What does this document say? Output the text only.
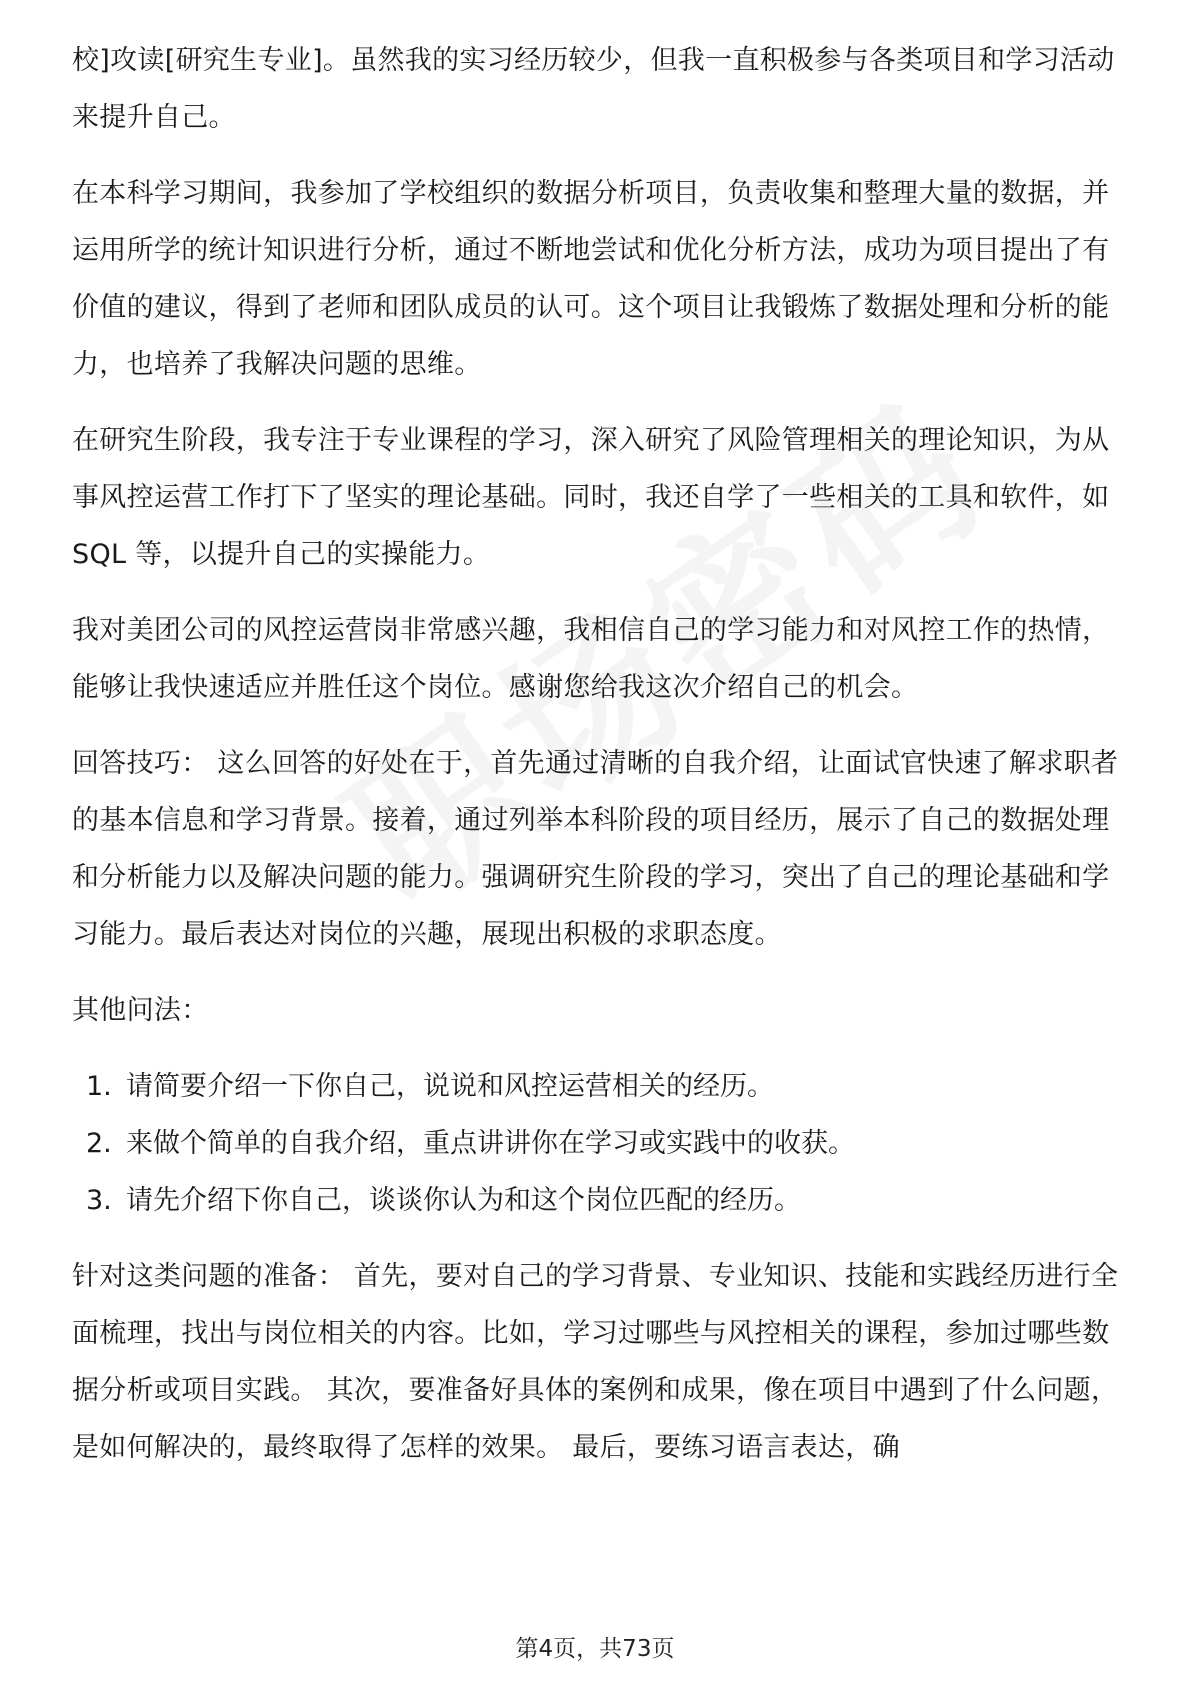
校]攻读[研究生专业]。虽然我的实习经历较少，但我一直积极参与各类项目和学习活动来提升自己。

在本科学习期间，我参加了学校组织的数据分析项目，负责收集和整理大量的数据，并运用所学的统计知识进行分析，通过不断地尝试和优化分析方法，成功为项目提出了有价值的建议，得到了老师和团队成员的认可。这个项目让我锻炼了数据处理和分析的能力，也培养了我解决问题的思维。

在研究生阶段，我专注于专业课程的学习，深入研究了风险管理相关的理论知识，为从事风控运营工作打下了坚实的理论基础。同时，我还自学了一些相关的工具和软件，如 SQL 等，以提升自己的实操能力。

我对美团公司的风控运营岗非常感兴趣，我相信自己的学习能力和对风控工作的热情，能够让我快速适应并胜任这个岗位。感谢您给我这次介绍自己的机会。

回答技巧： 这么回答的好处在于，首先通过清晰的自我介绍，让面试官快速了解求职者的基本信息和学习背景。接着，通过列举本科阶段的项目经历，展示了自己的数据处理和分析能力以及解决问题的能力。强调研究生阶段的学习，突出了自己的理论基础和学习能力。最后表达对岗位的兴趣，展现出积极的求职态度。

其他问法：

1. 请简要介绍一下你自己，说说和风控运营相关的经历。
2. 来做个简单的自我介绍，重点讲讲你在学习或实践中的收获。
3. 请先介绍下你自己，谈谈你认为和这个岗位匹配的经历。

针对这类问题的准备： 首先，要对自己的学习背景、专业知识、技能和实践经历进行全面梳理，找出与岗位相关的内容。比如，学习过哪些与风控相关的课程，参加过哪些数据分析或项目实践。 其次，要准备好具体的案例和成果，像在项目中遇到了什么问题，是如何解决的，最终取得了怎样的效果。 最后，要练习语言表达，确

第4页，共73页
